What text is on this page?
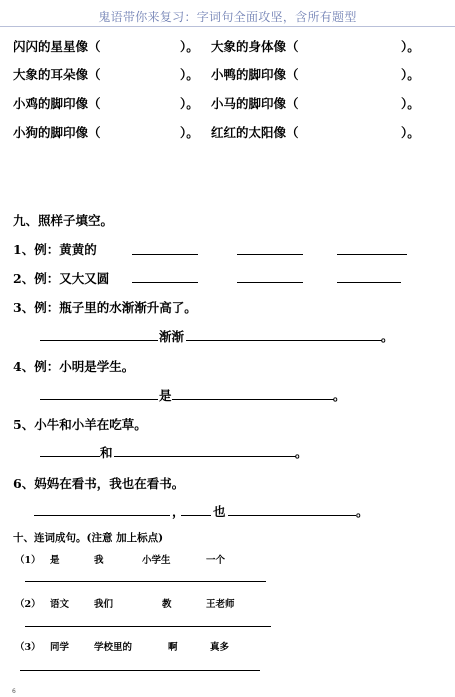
鬼语带你来复习：字词句全面攻坚，含所有题型
闪闪的星星像（	）。 大象的身体像（	）。
大象的耳朵像（	）。 小鸭的脚印像（	）。
小鸡的脚印像（	）。 小马的脚印像（	）。
小狗的脚印像（	）。 红红的太阳像（	）。
九、照样子填空。
1、例：黄黄的
2、例：又大又圆
3、例：瓶子里的水渐渐升高了。
渐渐	。
4、例：小明是学生。
是	。
5、小牛和小羊在吃草。
和	。
6、妈妈在看书，我也在看书。
， 也	。
十、连词成句。(注意 加上标点)
（1） 是	我	小学生	一个
（2） 语文	我们	教	王老师
（3） 同学	学校里的	啊	真多
6
